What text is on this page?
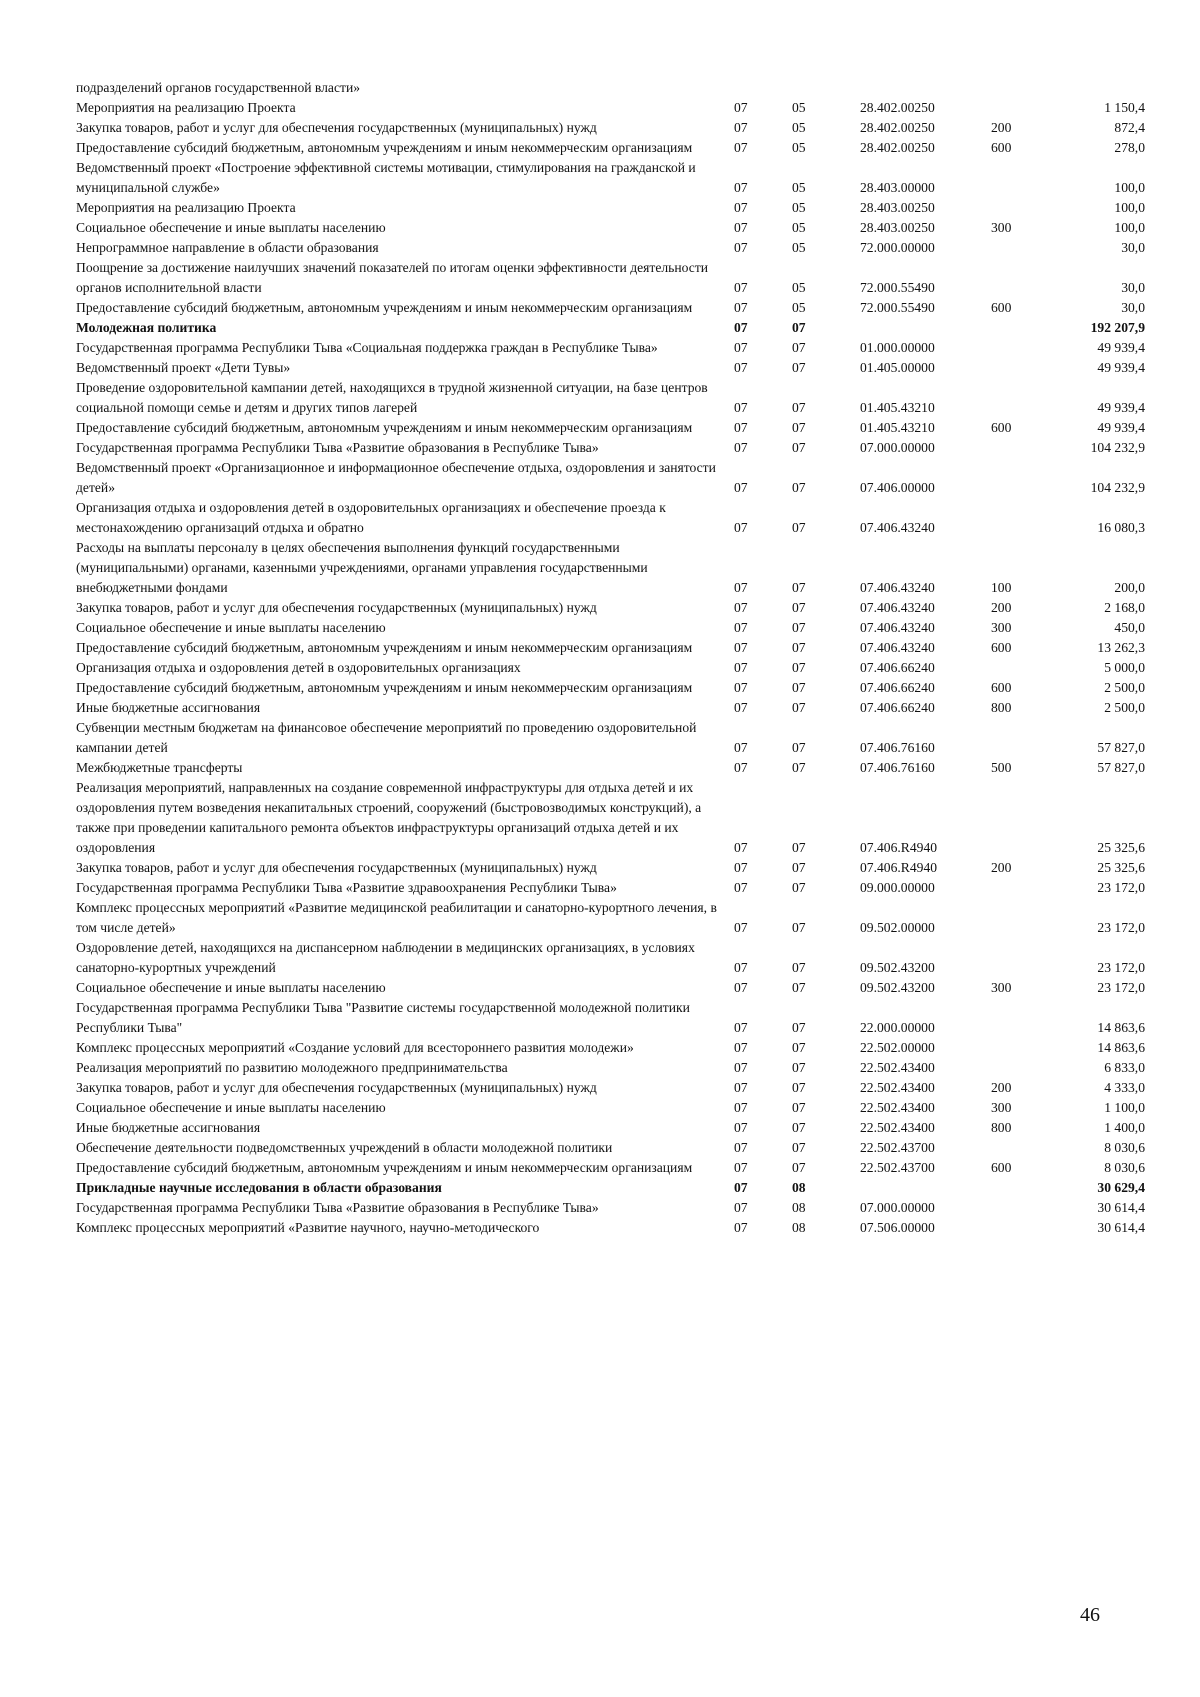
подразделений органов государственной власти»					
Мероприятия на реализацию Проекта	07	05	28.402.00250		1 150,4
Закупка товаров, работ и услуг для обеспечения государственных (муниципальных) нужд	07	05	28.402.00250	200	872,4
Предоставление субсидий бюджетным, автономным учреждениям и иным некоммерческим организациям	07	05	28.402.00250	600	278,0
Ведомственный проект «Построение эффективной системы мотивации, стимулирования на гражданской и муниципальной службе»	07	05	28.403.00000		100,0
Мероприятия на реализацию Проекта	07	05	28.403.00250		100,0
Социальное обеспечение и иные выплаты населению	07	05	28.403.00250	300	100,0
Непрограммное направление в области образования	07	05	72.000.00000		30,0
Поощрение за достижение наилучших значений показателей по итогам оценки эффективности деятельности органов исполнительной власти	07	05	72.000.55490		30,0
Предоставление субсидий бюджетным, автономным учреждениям и иным некоммерческим организациям	07	05	72.000.55490	600	30,0
Молодежная политика	07	07			192 207,9
Государственная программа Республики Тыва «Социальная поддержка граждан в Республике Тыва»	07	07	01.000.00000		49 939,4
Ведомственный проект «Дети Тувы»	07	07	01.405.00000		49 939,4
Проведение оздоровительной кампании детей, находящихся в трудной жизненной ситуации, на базе центров социальной помощи семье и детям и других типов лагерей	07	07	01.405.43210		49 939,4
Предоставление субсидий бюджетным, автономным учреждениям и иным некоммерческим организациям	07	07	01.405.43210	600	49 939,4
Государственная программа Республики Тыва «Развитие образования в Республике Тыва»	07	07	07.000.00000		104 232,9
Ведомственный проект «Организационное и информационное обеспечение отдыха, оздоровления и занятости детей»	07	07	07.406.00000		104 232,9
Организация отдыха и оздоровления детей в оздоровительных организациях и обеспечение проезда к местонахождению организаций отдыха и обратно	07	07	07.406.43240		16 080,3
Расходы на выплаты персоналу в целях обеспечения выполнения функций государственными (муниципальными) органами, казенными учреждениями, органами управления государственными внебюджетными фондами	07	07	07.406.43240	100	200,0
Закупка товаров, работ и услуг для обеспечения государственных (муниципальных) нужд	07	07	07.406.43240	200	2 168,0
Социальное обеспечение и иные выплаты населению	07	07	07.406.43240	300	450,0
Предоставление субсидий бюджетным, автономным учреждениям и иным некоммерческим организациям	07	07	07.406.43240	600	13 262,3
Организация отдыха и оздоровления детей в оздоровительных организациях	07	07	07.406.66240		5 000,0
Предоставление субсидий бюджетным, автономным учреждениям и иным некоммерческим организациям	07	07	07.406.66240	600	2 500,0
Иные бюджетные ассигнования	07	07	07.406.66240	800	2 500,0
Субвенции местным бюджетам на финансовое обеспечение мероприятий по проведению оздоровительной кампании детей	07	07	07.406.76160		57 827,0
Межбюджетные трансферты	07	07	07.406.76160	500	57 827,0
Реализация мероприятий, направленных на создание современной инфраструктуры для отдыха детей и их оздоровления путем возведения некапитальных строений, сооружений (быстровозводимых конструкций), а также при проведении капитального ремонта объектов инфраструктуры организаций отдыха детей и их оздоровления	07	07	07.406.R4940		25 325,6
Закупка товаров, работ и услуг для обеспечения государственных (муниципальных) нужд	07	07	07.406.R4940	200	25 325,6
Государственная программа Республики Тыва «Развитие здравоохранения Республики Тыва»	07	07	09.000.00000		23 172,0
Комплекс процессных мероприятий «Развитие медицинской реабилитации и санаторно-курортного лечения, в том числе детей»	07	07	09.502.00000		23 172,0
Оздоровление детей, находящихся на диспансерном наблюдении в медицинских организациях, в условиях санаторно-курортных учреждений	07	07	09.502.43200		23 172,0
Социальное обеспечение и иные выплаты населению	07	07	09.502.43200	300	23 172,0
Государственная программа Республики Тыва "Развитие системы государственной молодежной политики Республики Тыва"	07	07	22.000.00000		14 863,6
Комплекс процессных мероприятий «Создание условий для всестороннего развития молодежи»	07	07	22.502.00000		14 863,6
Реализация мероприятий по развитию молодежного предпринимательства	07	07	22.502.43400		6 833,0
Закупка товаров, работ и услуг для обеспечения государственных (муниципальных) нужд	07	07	22.502.43400	200	4 333,0
Социальное обеспечение и иные выплаты населению	07	07	22.502.43400	300	1 100,0
Иные бюджетные ассигнования	07	07	22.502.43400	800	1 400,0
Обеспечение деятельности подведомственных учреждений в области молодежной политики	07	07	22.502.43700		8 030,6
Предоставление субсидий бюджетным, автономным учреждениям и иным некоммерческим организациям	07	07	22.502.43700	600	8 030,6
Прикладные научные исследования в области образования	07	08			30 629,4
Государственная программа Республики Тыва «Развитие образования в Республике Тыва»	07	08	07.000.00000		30 614,4
Комплекс процессных мероприятий «Развитие научного, научно-методического	07	08	07.506.00000		30 614,4
46
